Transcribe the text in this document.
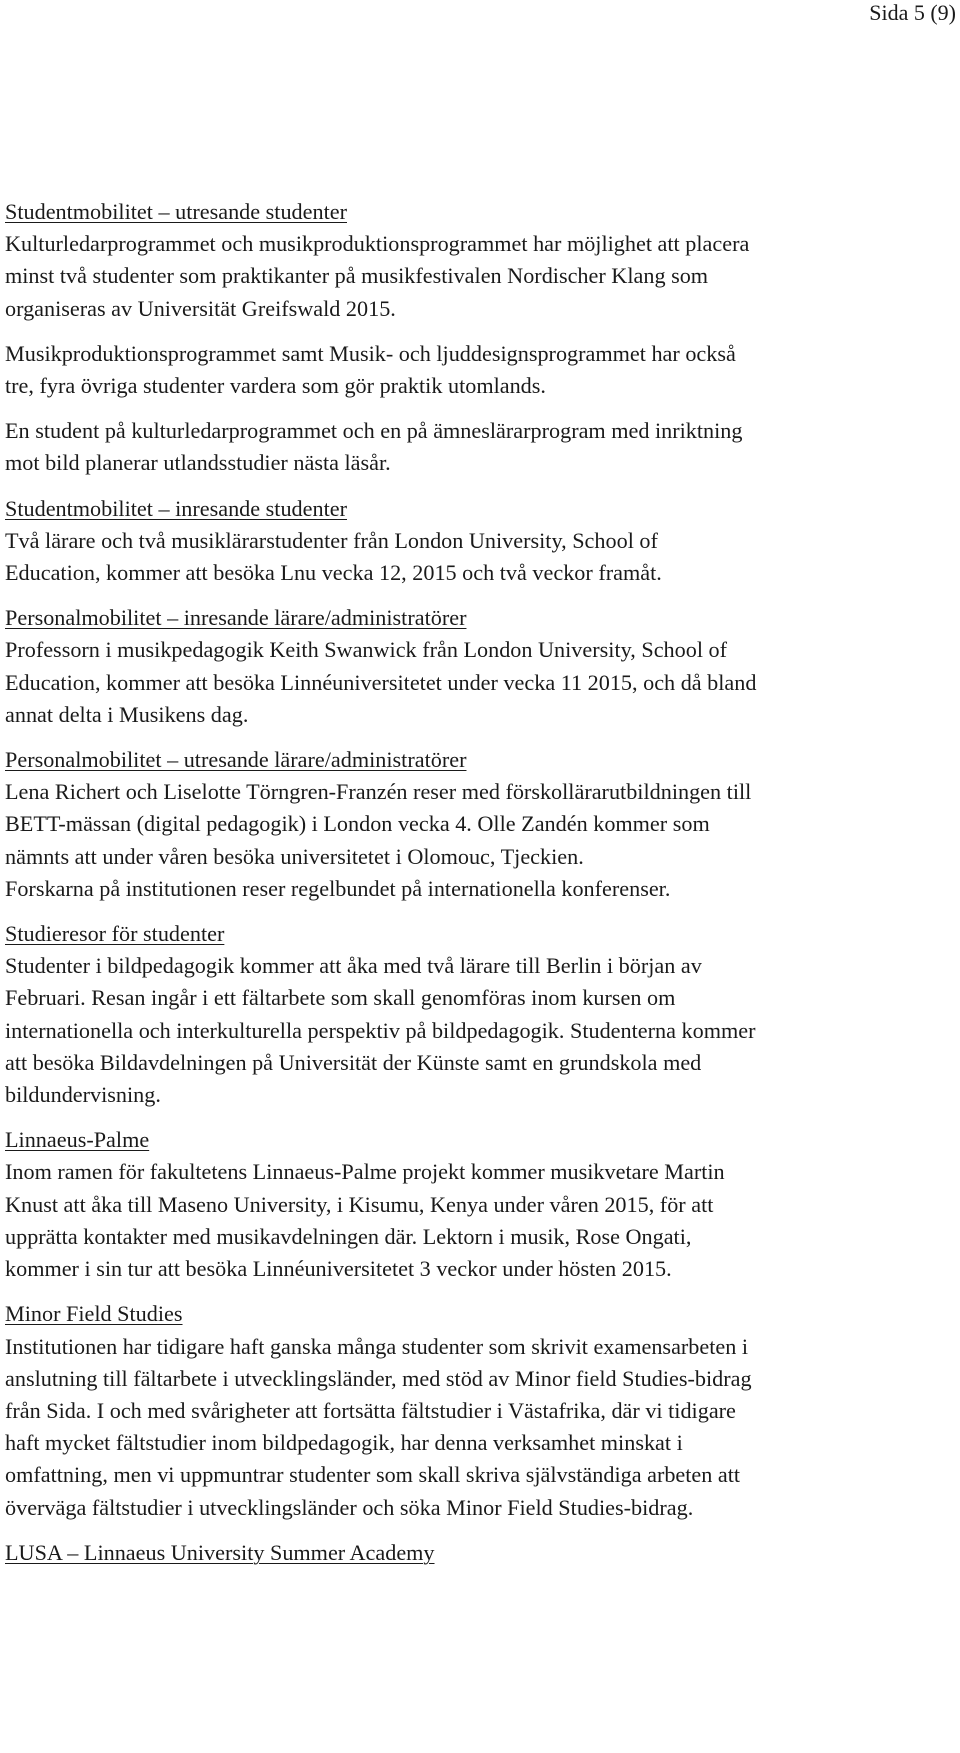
Sida 5 (9)
Studentmobilitet – utresande studenter
Kulturledarprogrammet och musikproduktionsprogrammet har möjlighet att placera
minst två studenter som praktikanter på musikfestivalen Nordischer Klang som
organiseras av Universität Greifswald 2015.
Musikproduktionsprogrammet samt Musik- och ljuddesignsprogrammet har också
tre, fyra övriga studenter vardera som gör praktik utomlands.
En student på kulturledarprogrammet och en på ämneslärarprogram med inriktning
mot bild planerar utlandsstudier nästa läsår.
Studentmobilitet – inresande studenter
Två lärare och två musiklärarstudenter från London University, School of
Education, kommer att besöka Lnu vecka 12, 2015 och två veckor framåt.
Personalmobilitet – inresande lärare/administratörer
Professorn i musikpedagogik Keith Swanwick från London University, School of
Education, kommer att besöka Linnéuniversitetet under vecka 11 2015, och då bland
annat delta i Musikens dag.
Personalmobilitet – utresande lärare/administratörer
Lena Richert och Liselotte Törngren-Franzén reser med förskollärarutbildningen till
BETT-mässan (digital pedagogik) i London vecka 4. Olle Zandén kommer som
nämnts att under våren besöka universitetet i Olomouc, Tjeckien.
Forskarna på institutionen reser regelbundet på internationella konferenser.
Studieresor för studenter
Studenter i bildpedagogik kommer att åka med två lärare till Berlin i början av
Februari. Resan ingår i ett fältarbete som skall genomföras inom kursen om
internationella och interkulturella perspektiv på bildpedagogik. Studenterna kommer
att besöka Bildavdelningen på Universität der Künste samt en grundskola med
bildundervisning.
Linnaeus-Palme
Inom ramen för fakultetens Linnaeus-Palme projekt kommer musikvetare Martin
Knust att åka till Maseno University, i Kisumu, Kenya under våren 2015, för att
upprätta kontakter med musikavdelningen där. Lektorn i musik, Rose Ongati,
kommer i sin tur att besöka Linnéuniversitetet 3 veckor under hösten 2015.
Minor Field Studies
Institutionen har tidigare haft ganska många studenter som skrivit examensarbeten i
anslutning till fältarbete i utvecklingsländer, med stöd av Minor field Studies-bidrag
från Sida. I och med svårigheter att fortsätta fältstudier i Västafrika, där vi tidigare
haft mycket fältstudier inom bildpedagogik, har denna verksamhet minskat i
omfattning, men vi uppmuntrar studenter som skall skriva självständiga arbeten att
överväga fältstudier i utvecklingsländer och söka Minor Field Studies-bidrag.
LUSA – Linnaeus University Summer Academy
